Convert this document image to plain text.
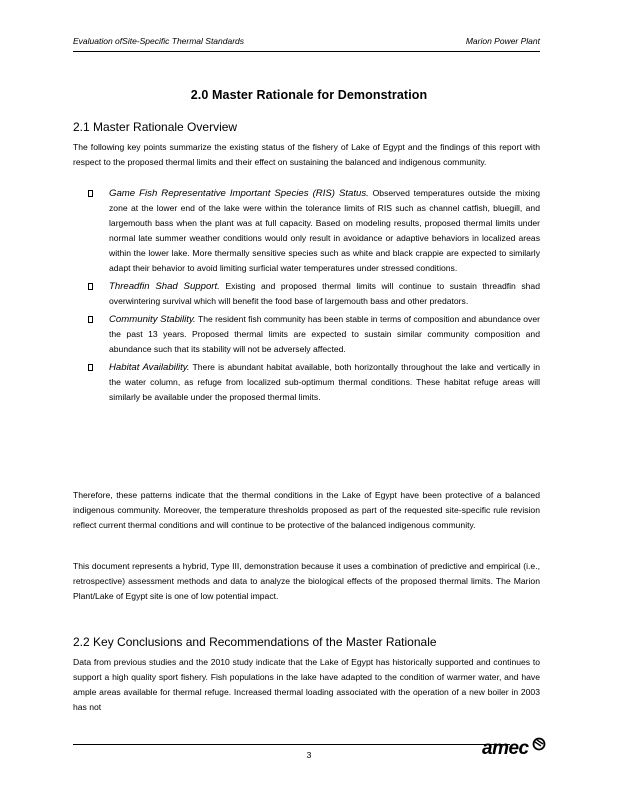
Evaluation ofSite-Specific Thermal Standards	Marion Power Plant
2.0 Master Rationale for Demonstration
2.1 Master Rationale Overview
The following key points summarize the existing status of the fishery of Lake of Egypt and the findings of this report with respect to the proposed thermal limits and their effect on sustaining the balanced and indigenous community.
Game Fish Representative Important Species (RIS) Status. Observed temperatures outside the mixing zone at the lower end of the lake were within the tolerance limits of RIS such as channel catfish, bluegill, and largemouth bass when the plant was at full capacity. Based on modeling results, proposed thermal limits under normal late summer weather conditions would only result in avoidance or adaptive behaviors in localized areas within the lower lake. More thermally sensitive species such as white and black crappie are expected to similarly adapt their behavior to avoid limiting surficial water temperatures under stressed conditions.
Threadfin Shad Support. Existing and proposed thermal limits will continue to sustain threadfin shad overwintering survival which will benefit the food base of largemouth bass and other predators.
Community Stability. The resident fish community has been stable in terms of composition and abundance over the past 13 years. Proposed thermal limits are expected to sustain similar community composition and abundance such that its stability will not be adversely affected.
Habitat Availability. There is abundant habitat available, both horizontally throughout the lake and vertically in the water column, as refuge from localized sub-optimum thermal conditions. These habitat refuge areas will similarly be available under the proposed thermal limits.
Therefore, these patterns indicate that the thermal conditions in the Lake of Egypt have been protective of a balanced indigenous community. Moreover, the temperature thresholds proposed as part of the requested site-specific rule revision reflect current thermal conditions and will continue to be protective of the balanced indigenous community.
This document represents a hybrid, Type III, demonstration because it uses a combination of predictive and empirical (i.e., retrospective) assessment methods and data to analyze the biological effects of the proposed thermal limits. The Marion Plant/Lake of Egypt site is one of low potential impact.
2.2 Key Conclusions and Recommendations of the Master Rationale
Data from previous studies and the 2010 study indicate that the Lake of Egypt has historically supported and continues to support a high quality sport fishery. Fish populations in the lake have adapted to the condition of warmer water, and have ample areas available for thermal refuge. Increased thermal loading associated with the operation of a new boiler in 2003 has not
3	amec
